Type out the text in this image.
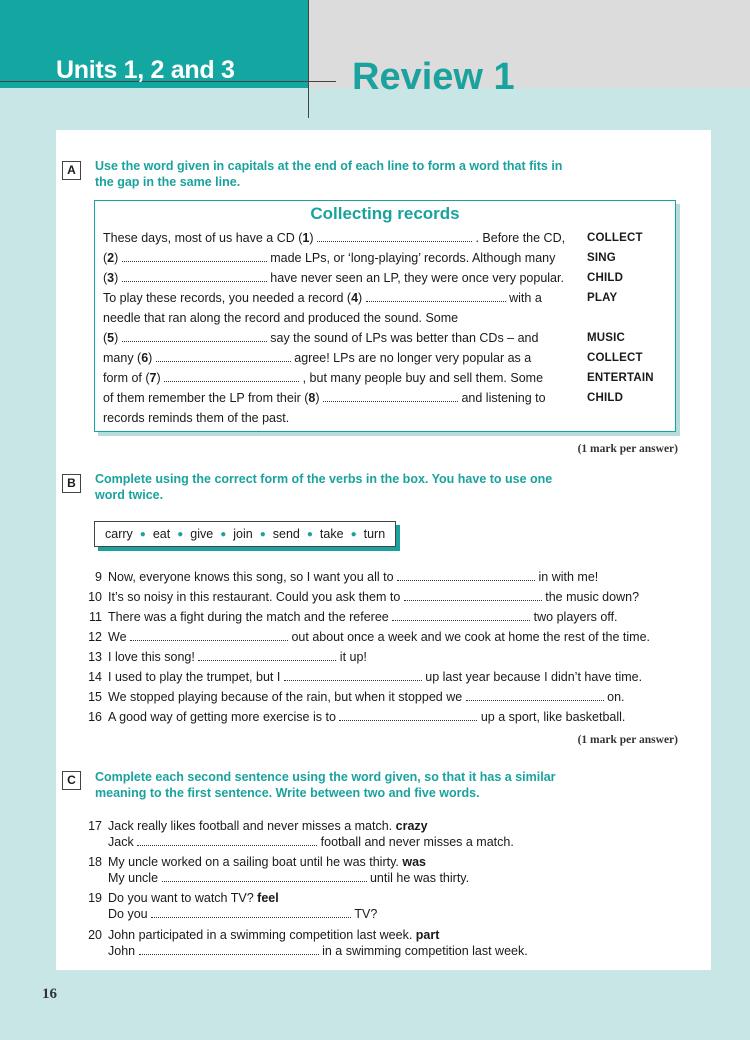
Units 1, 2 and 3	Review 1
A	Use the word given in capitals at the end of each line to form a word that fits in
the gap in the same line.
Collecting records
These days, most of us have a CD (1)	. Before the CD, COLLECT
(2)	made LPs, or ‘long-playing’ records. Although many	SING
(3)	have never seen an LP, they were once very popular. CHILD
To play these records, you needed a record (4)	with a	PLAY
needle that ran along the record and produced the sound. Some
(5)	say the sound of LPs was better than CDs – and	MUSIC
many (6)	agree! LPs are no longer very popular as a	COLLECT
form of (7)	, but many people buy and sell them. Some	ENTERTAIN
of them remember the LP from their (8)	and listening to	CHILD
records reminds them of the past.
(1 mark per answer)
B	Complete using the correct form of the verbs in the box. You have to use one
word twice.
carry ● eat ● give ● join ● send ● take ● turn
9 Now, everyone knows this song, so I want you all to	in with me!
10 It’s so noisy in this restaurant. Could you ask them to	the music down?
11 There was a fight during the match and the referee	two players off.
12 We	out about once a week and we cook at home the rest of the time.
13 I love this song!	it up!
14 I used to play the trumpet, but I	up last year because I didn’t have time.
15 We stopped playing because of the rain, but when it stopped we	on.
16 A good way of getting more exercise is to	up a sport, like basketball.
(1 mark per answer)
C	Complete each second sentence using the word given, so that it has a similar
meaning to the first sentence. Write between two and five words.
17 Jack really likes football and never misses a match. crazy
Jack	football and never misses a match.
18 My uncle worked on a sailing boat until he was thirty. was
My uncle	until he was thirty.
19 Do you want to watch TV? feel
Do you	TV?
20 John participated in a swimming competition last week. part
John	in a swimming competition last week.
16
